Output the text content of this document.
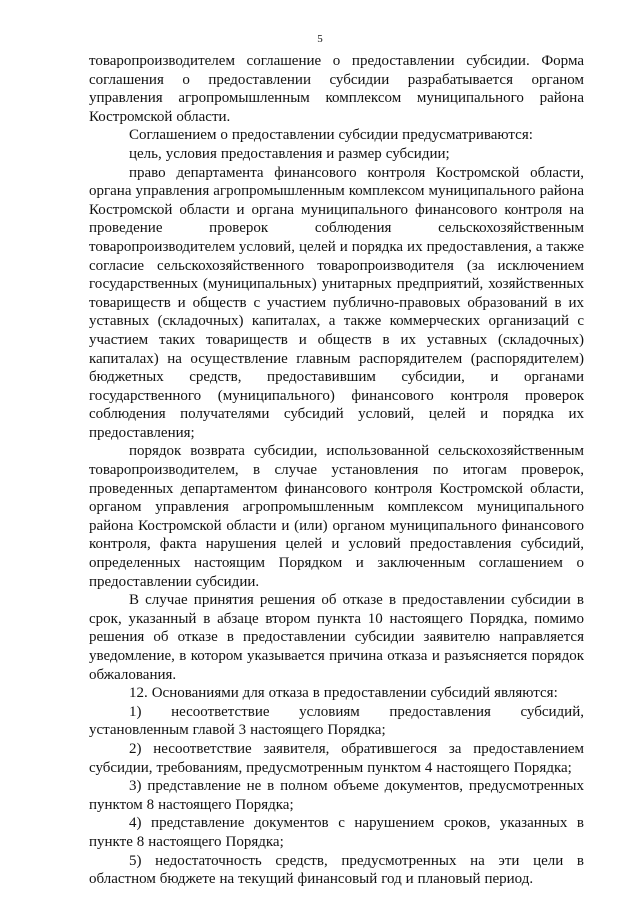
5

товаропроизводителем соглашение о предоставлении субсидии. Форма соглашения о предоставлении субсидии разрабатывается органом управления агропромышленным комплексом муниципального района Костромской области.

Соглашением о предоставлении субсидии предусматриваются:

цель, условия предоставления и размер субсидии;

право департамента финансового контроля Костромской области, органа управления агропромышленным комплексом муниципального района Костромской области и органа муниципального финансового контроля на проведение проверок соблюдения сельскохозяйственным товаропроизводителем условий, целей и порядка их предоставления, а также согласие сельскохозяйственного товаропроизводителя (за исключением государственных (муниципальных) унитарных предприятий, хозяйственных товариществ и обществ с участием публично-правовых образований в их уставных (складочных) капиталах, а также коммерческих организаций с участием таких товариществ и обществ в их уставных (складочных) капиталах) на осуществление главным распорядителем (распорядителем) бюджетных средств, предоставившим субсидии, и органами государственного (муниципального) финансового контроля проверок соблюдения получателями субсидий условий, целей и порядка их предоставления;

порядок возврата субсидии, использованной сельскохозяйственным товаропроизводителем, в случае установления по итогам проверок, проведенных департаментом финансового контроля Костромской области, органом управления агропромышленным комплексом муниципального района Костромской области и (или) органом муниципального финансового контроля, факта нарушения целей и условий предоставления субсидий, определенных настоящим Порядком и заключенным соглашением о предоставлении субсидии.

В случае принятия решения об отказе в предоставлении субсидии в срок, указанный в абзаце втором пункта 10 настоящего Порядка, помимо решения об отказе в предоставлении субсидии заявителю направляется уведомление, в котором указывается причина отказа и разъясняется порядок обжалования.

12. Основаниями для отказа в предоставлении субсидий являются:

1) несоответствие условиям предоставления субсидий, установленным главой 3 настоящего Порядка;

2) несоответствие заявителя, обратившегося за предоставлением субсидии, требованиям, предусмотренным пунктом 4 настоящего Порядка;

3) представление не в полном объеме документов, предусмотренных пунктом 8 настоящего Порядка;

4) представление документов с нарушением сроков, указанных в пункте 8 настоящего Порядка;

5) недостаточность средств, предусмотренных на эти цели в областном бюджете на текущий финансовый год и плановый период.
